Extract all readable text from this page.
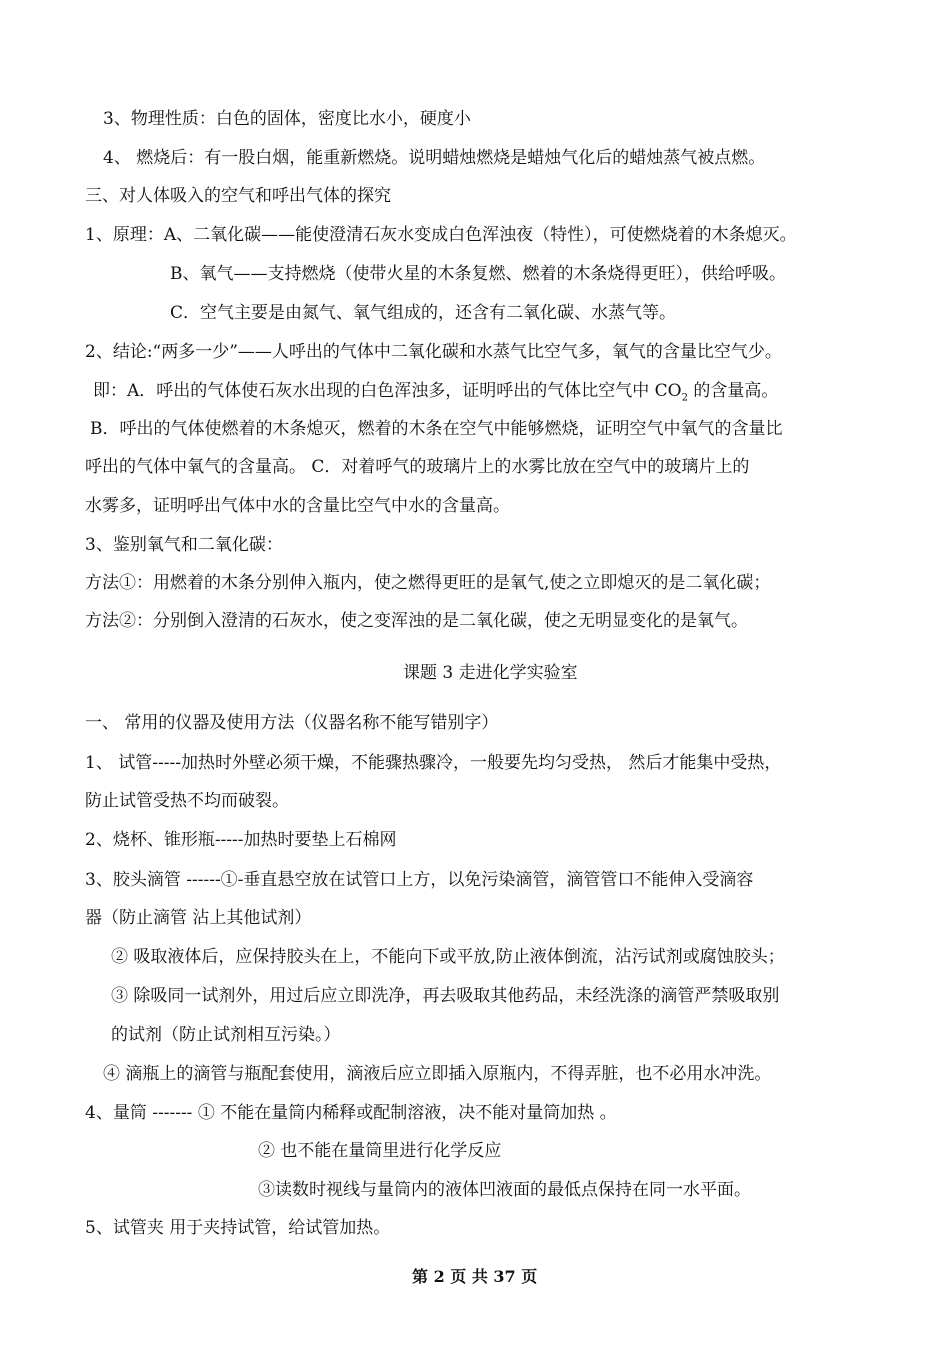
3、物理性质：白色的固体，密度比水小，硬度小
4、 燃烧后：有一股白烟，能重新燃烧。说明蜡烛燃烧是蜡烛气化后的蜡烛蒸气被点燃。
三、对人体吸入的空气和呼出气体的探究
1、原理：A、二氧化碳——能使澄清石灰水变成白色浑浊夜（特性），可使燃烧着的木条熄灭。
B、氧气——支持燃烧（使带火星的木条复燃、燃着的木条烧得更旺），供给呼吸。
C．空气主要是由氮气、氧气组成的，还含有二氧化碳、水蒸气等。
2、结论:“两多一少”——人呼出的气体中二氧化碳和水蒸气比空气多，氧气的含量比空气少。
即：A．呼出的气体使石灰水出现的白色浑浊多，证明呼出的气体比空气中 $CO_2$ 的含量高。
B．呼出的气体使燃着的木条熄灭，燃着的木条在空气中能够燃烧，证明空气中氧气的含量比
呼出的气体中氧气的含量高。 C．对着呼气的玻璃片上的水雾比放在空气中的玻璃片上的
水雾多，证明呼出气体中水的含量比空气中水的含量高。
3、鉴别氧气和二氧化碳：
方法①：用燃着的木条分别伸入瓶内，使之燃得更旺的是氧气,使之立即熄灭的是二氧化碳；
方法②：分别倒入澄清的石灰水，使之变浑浊的是二氧化碳，使之无明显变化的是氧气。
课题 3 走进化学实验室
一、 常用的仪器及使用方法（仪器名称不能写错别字）
1、 试管-----加热时外壁必须干燥，不能骤热骤冷，一般要先均匀受热， 然后才能集中受热，
防止试管受热不均而破裂。
2、烧杯、锥形瓶-----加热时要垫上石棉网
3、胶头滴管 ------①-垂直悬空放在试管口上方，以免污染滴管，滴管管口不能伸入受滴容
器（防止滴管 沾上其他试剂）
② 吸取液体后，应保持胶头在上，不能向下或平放,防止液体倒流，沾污试剂或腐蚀胶头；
③ 除吸同一试剂外，用过后应立即洗净，再去吸取其他药品，未经洗涤的滴管严禁吸取别
的试剂（防止试剂相互污染。）
④ 滴瓶上的滴管与瓶配套使用，滴液后应立即插入原瓶内，不得弄脏，也不必用水冲洗。
4、量筒 ------- ① 不能在量筒内稀释或配制溶液，决不能对量筒加热 。
② 也不能在量筒里进行化学反应
③读数时视线与量筒内的液体凹液面的最低点保持在同一水平面。
5、试管夹 用于夹持试管，给试管加热。
第 2 页 共 37 页
